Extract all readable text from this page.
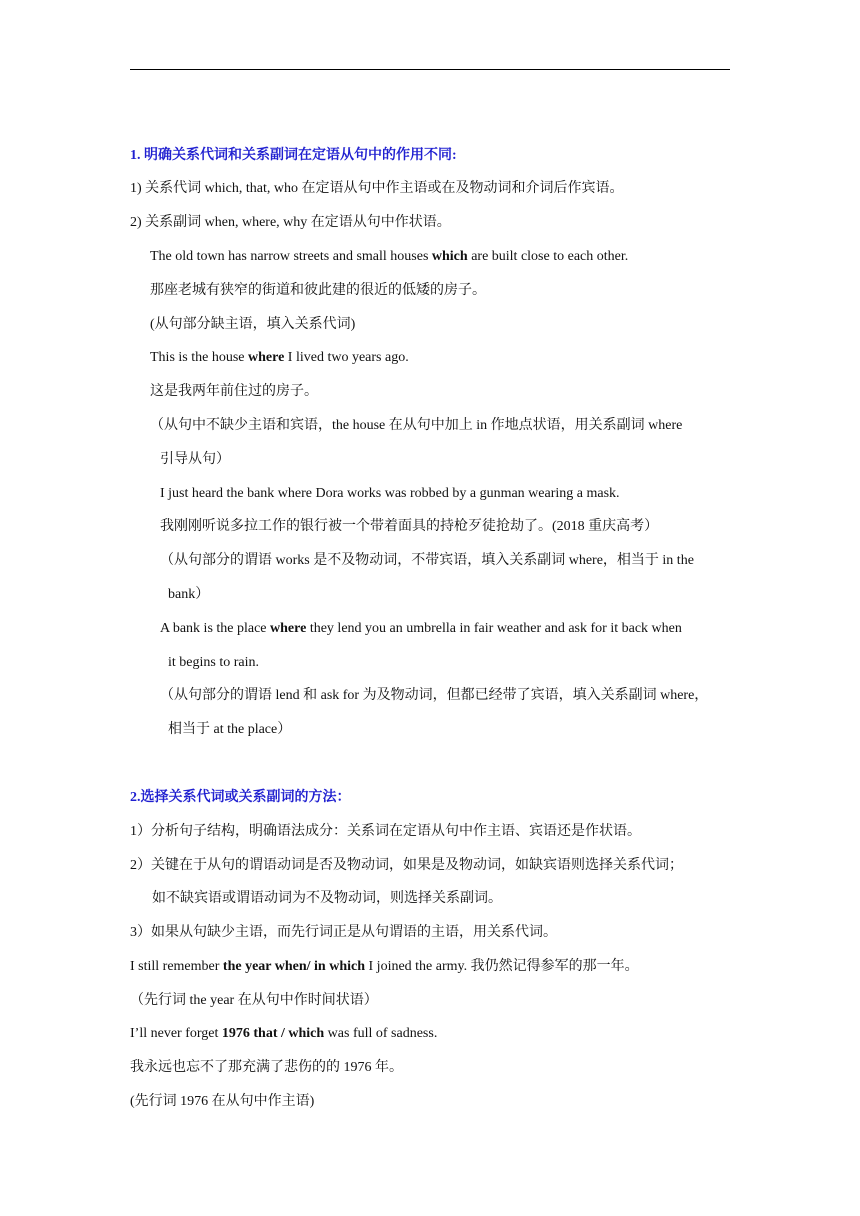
1. 明确关系代词和关系副词在定语从句中的作用不同:
1) 关系代词 which, that, who 在定语从句中作主语或在及物动词和介词后作宾语。
2) 关系副词 when, where, why 在定语从句中作状语。
The old town has narrow streets and small houses which are built close to each other.
那座老城有狭窄的街道和彼此建的很近的低矮的房子。
(从句部分缺主语，填入关系代词)
This is the house where I lived two years ago.
这是我两年前住过的房子。
（从句中不缺少主语和宾语，the house 在从句中加上 in 作地点状语，用关系副词 where
引导从句）
I just heard the bank where Dora works was robbed by a gunman wearing a mask.
我刚刚听说多拉工作的银行被一个带着面具的持枪歹徒抢劫了。(2018 重庆高考）
（从句部分的谓语 works 是不及物动词，不带宾语，填入关系副词 where，相当于 in the
bank）
A bank is the place where they lend you an umbrella in fair weather and ask for it back when
it begins to rain.
（从句部分的谓语 lend 和 ask for 为及物动词，但都已经带了宾语，填入关系副词 where，
相当于 at the place）
2.选择关系代词或关系副词的方法：
1）分析句子结构，明确语法成分：关系词在定语从句中作主语、宾语还是作状语。
2）关键在于从句的谓语动词是否及物动词，如果是及物动词，如缺宾语则选择关系代词；
如不缺宾语或谓语动词为不及物动词，则选择关系副词。
3）如果从句缺少主语，而先行词正是从句谓语的主语，用关系代词。
I still remember the year when/ in which I joined the army. 我仍然记得参军的那一年。
（先行词 the year 在从句中作时间状语）
I’ll never forget 1976 that / which was full of sadness.
我永远也忘不了那充满了悲伤的的 1976 年。
(先行词 1976 在从句中作主语)
